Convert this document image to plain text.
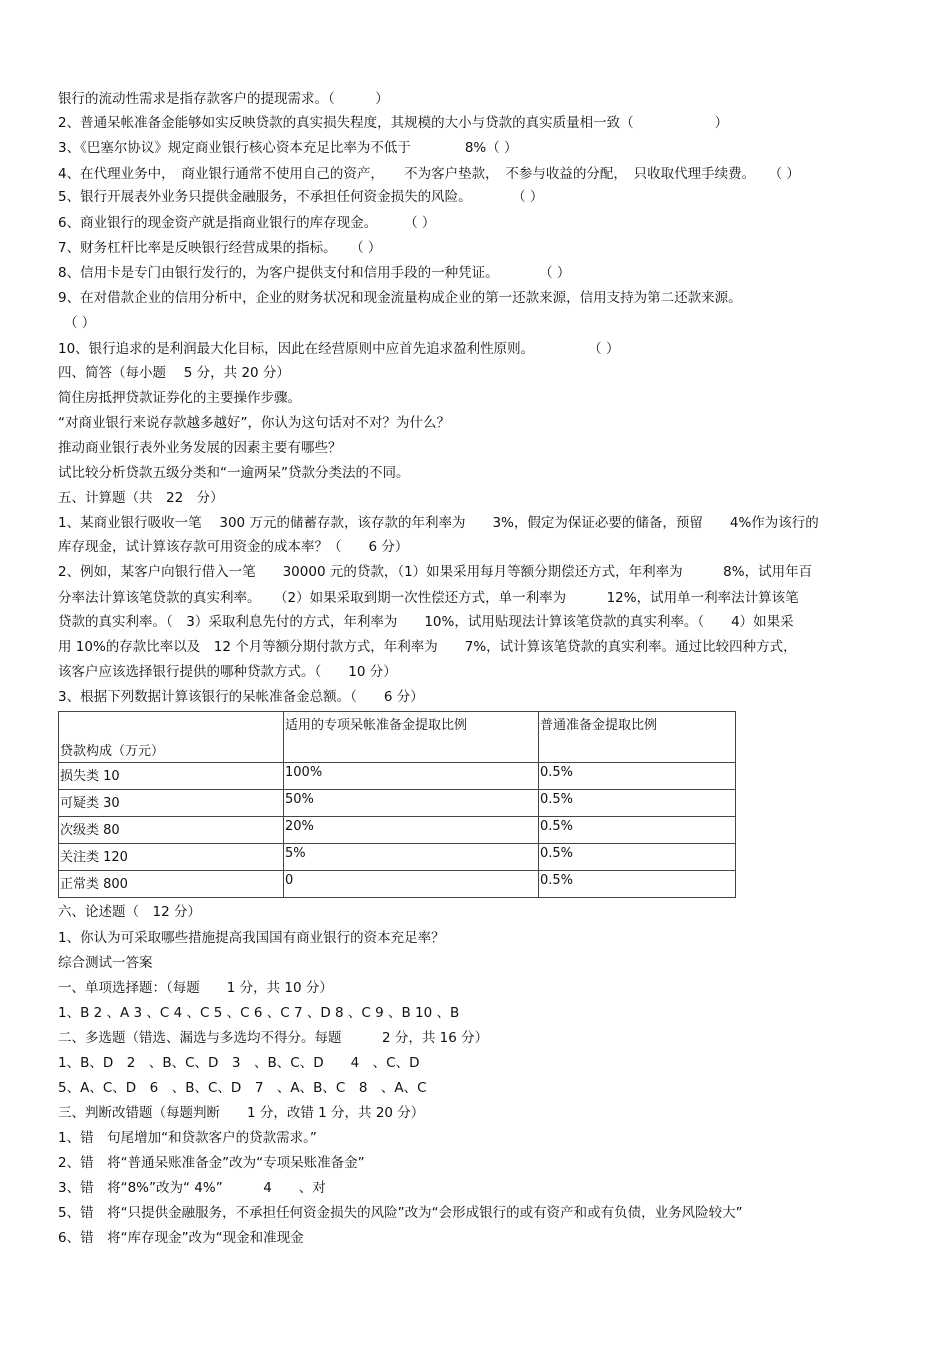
银行的流动性需求是指存款客户的提现需求。（　　　）
2、普通呆帐准备金能够如实反映贷款的真实损失程度，其规模的大小与贷款的真实质量相一致（　　　　　　）
3、《巴塞尔协议》规定商业银行核心资本充足比率为不低于　　　　8%（ ）
4、在代理业务中，　商业银行通常不使用自己的资产，　　不为客户垫款，　不参与收益的分配，　只收取代理手续费。　　（ ）
5、银行开展表外业务只提供金融服务，不承担任何资金损失的风险。　　　　（ ）
6、商业银行的现金资产就是指商业银行的库存现金。　　　（ ）
7、财务杠杆比率是反映银行经营成果的指标。　　（ ）
8、信用卡是专门由银行发行的，为客户提供支付和信用手段的一种凭证。　　　　（ ）
9、在对借款企业的信用分析中，企业的财务状况和现金流量构成企业的第一还款来源，信用支持为第二还款来源。
（ ）
10、银行追求的是利润最大化目标，因此在经营原则中应首先追求盈利性原则。　　　　　（ ）
四、简答（每小题　 5 分，共 20 分）
简住房抵押贷款证券化的主要操作步骤。
“对商业银行来说存款越多越好”，你认为这句话对不对？为什么？
推动商业银行表外业务发展的因素主要有哪些？
试比较分析贷款五级分类和“一逾两呆”贷款分类法的不同。
五、计算题（共　22　分）
1、某商业银行吸收一笔　 300 万元的储蓄存款，该存款的年利率为　　3%，假定为保证必要的储备，预留　　4%作为该行的
库存现金，试计算该存款可用资金的成本率？（　　6 分）
2、例如，某客户向银行借入一笔　　30000 元的贷款，（1）如果采用每月等额分期偿还方式，年利率为　　　8%，试用年百
分率法计算该笔贷款的真实利率。　　（2）如果采取到期一次性偿还方式，单一利率为　　　12%，试用单一利率法计算该笔
贷款的真实利率。（　3）采取利息先付的方式，年利率为　　10%，试用贴现法计算该笔贷款的真实利率。（　　4）如果采
用 10%的存款比率以及　12 个月等额分期付款方式，年利率为　　7%，试计算该笔贷款的真实利率。通过比较四种方式，
该客户应该选择银行提供的哪种贷款方式。（　　10 分）
3、根据下列数据计算该银行的呆帐准备金总额。（　　6 分）
贷款构成（万元）	适用的专项呆帐准备金提取比例	普通准备金提取比例
损失类 10	100%	0.5%
可疑类 30	50%	0.5%
次级类 80	20%	0.5%
关注类 120	5%	0.5%
正常类 800	0	0.5%
六、论述题（　12 分）
1、你认为可采取哪些措施提高我国国有商业银行的资本充足率？
综合测试一答案
一、单项选择题：（每题　　1 分，共 10 分）
1、B 2 、A 3 、C 4 、C 5 、C 6 、C 7 、D 8 、C 9 、B 10 、B
二、多选题（错选、漏选与多选均不得分。每题　　　2 分，共 16 分）
1、B、D　2　、B、C、D　3　、B、C、D　　4　、C、D
5、A、C、D　6　、B、C、D　7　、A、B、C　8　、A、C
三、判断改错题（每题判断　　1 分，改错 1 分，共 20 分）
1、错　句尾增加“和贷款客户的贷款需求。”
2、错　将“普通呆账准备金”改为“专项呆账准备金”
3、错　将“8%”改为“ 4%”　　　4　　、对
5、错　将“只提供金融服务，不承担任何资金损失的风险”改为“会形成银行的或有资产和或有负债，业务风险较大”
6、错　将“库存现金”改为“现金和准现金
